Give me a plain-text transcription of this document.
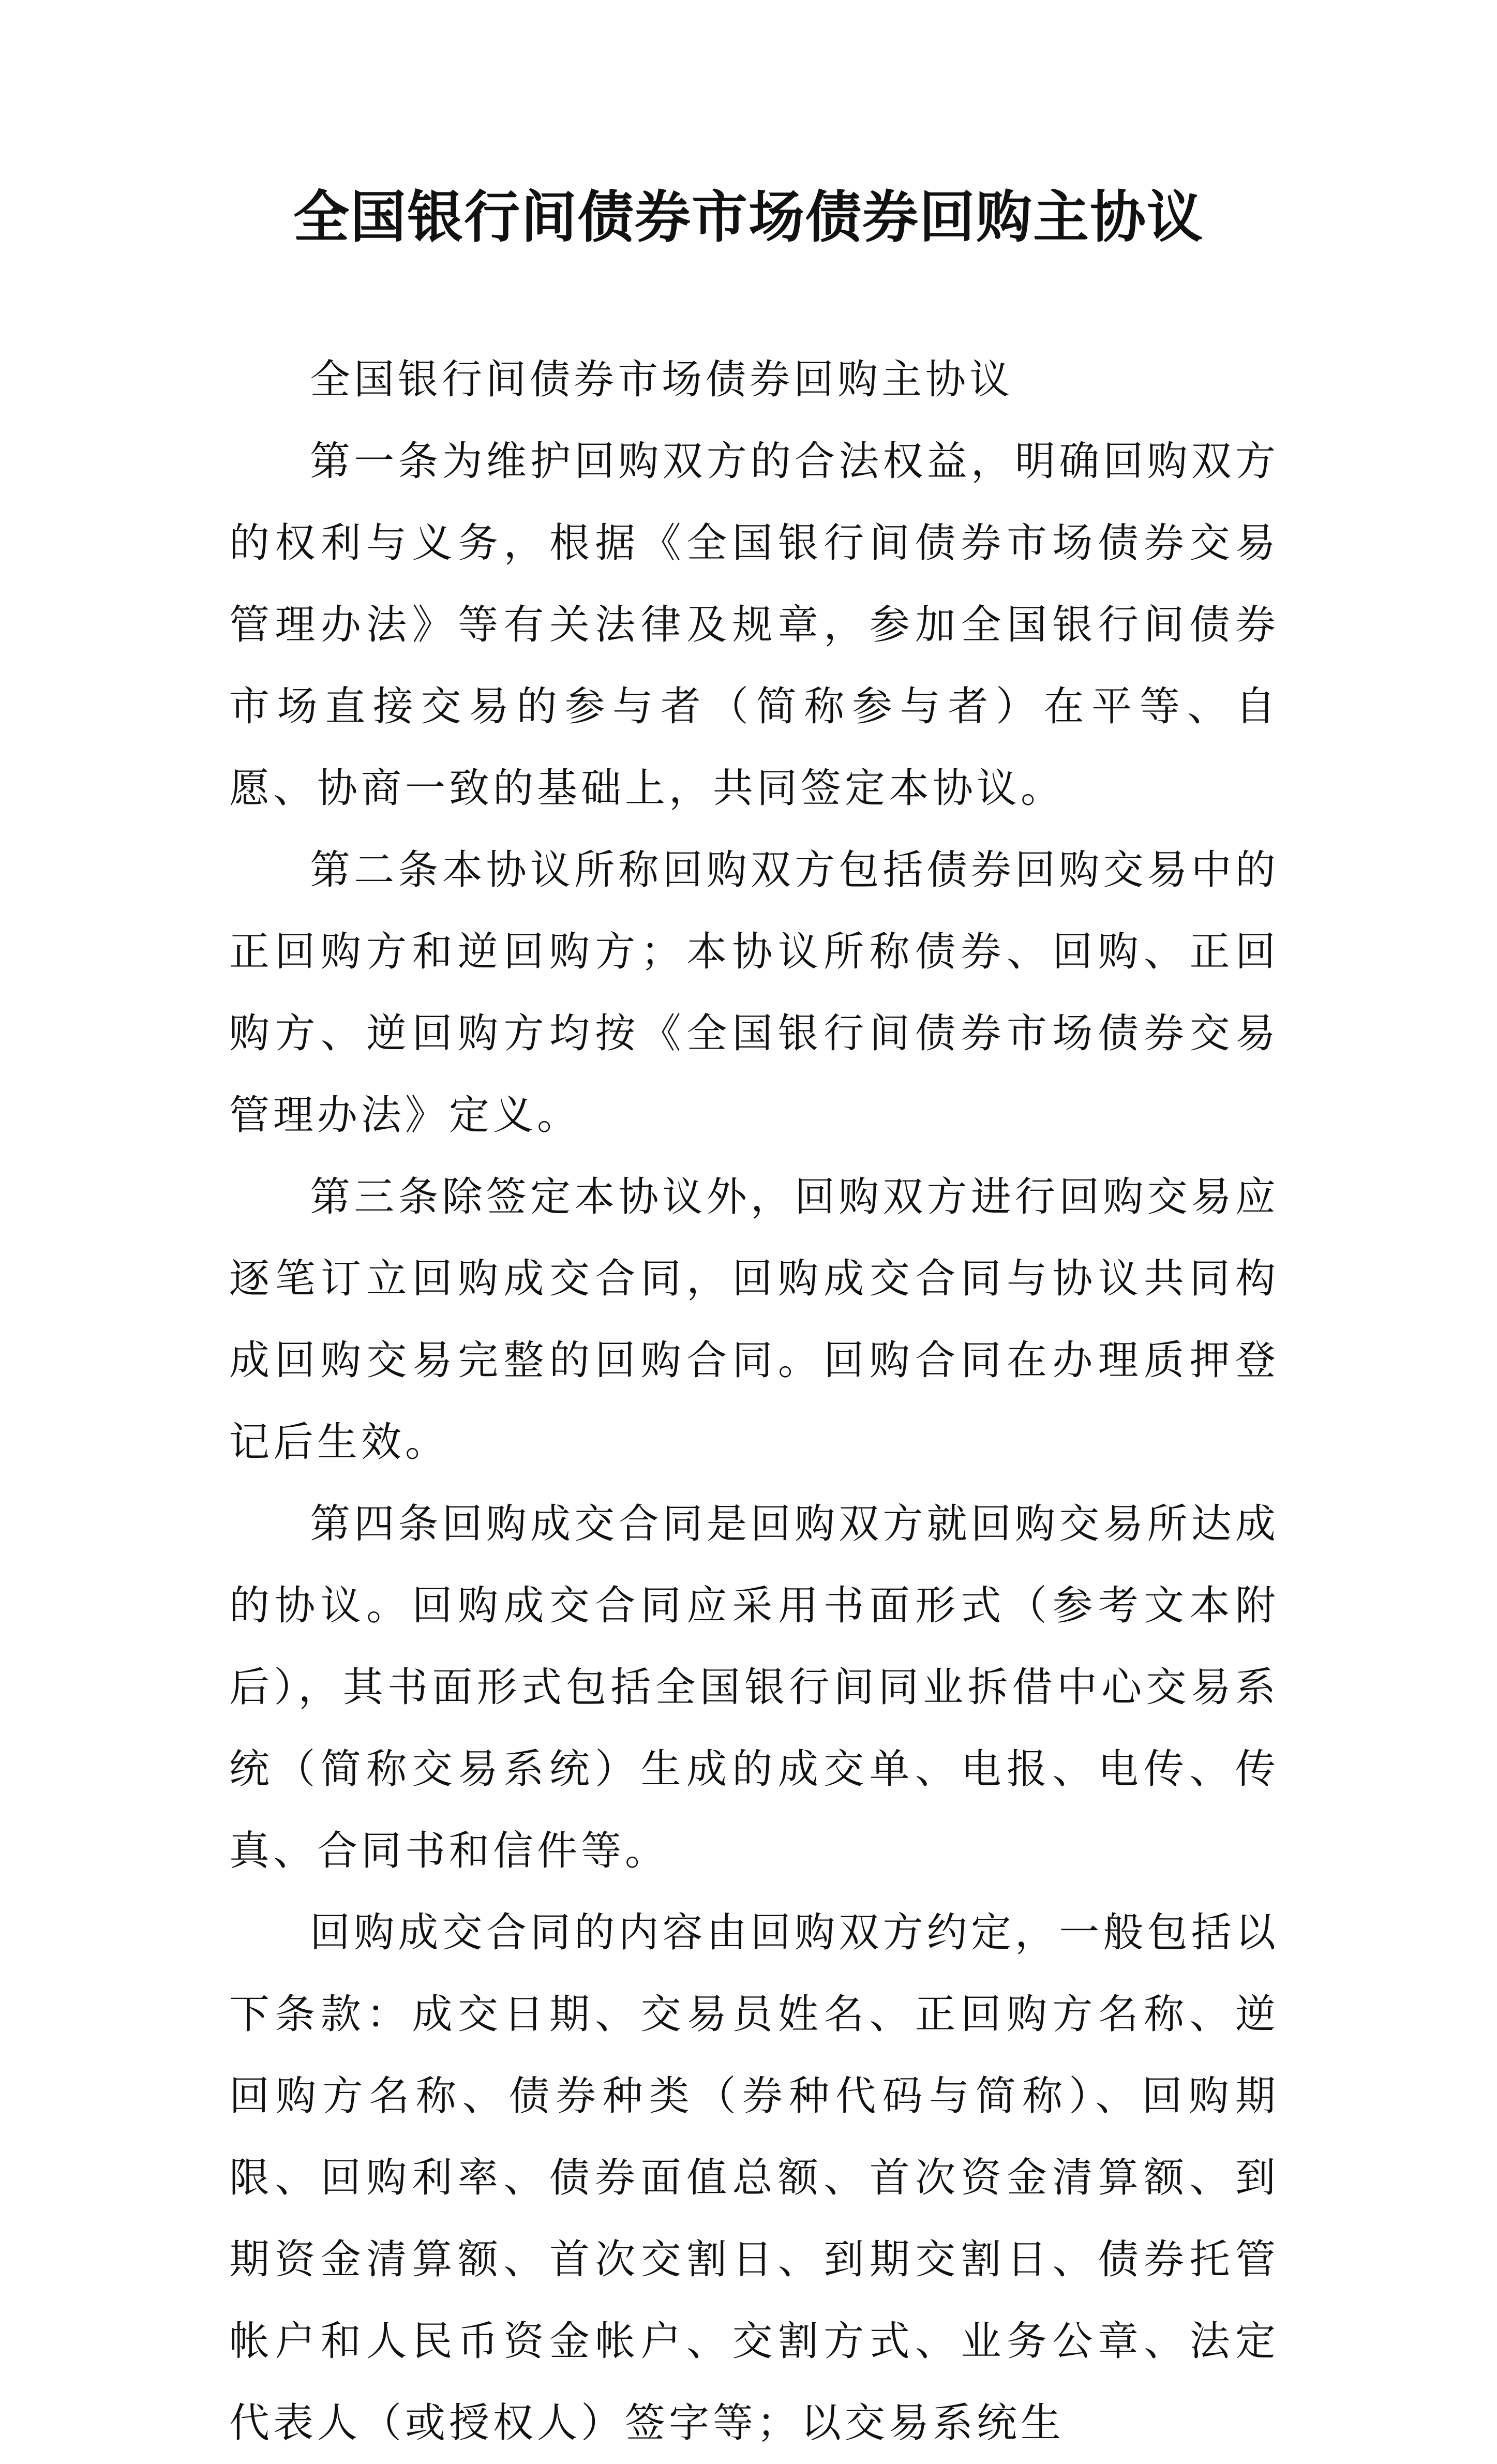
全国银行间债券市场债券回购主协议

全国银行间债券市场债券回购主协议

第一条为维护回购双方的合法权益，明确回购双方的权利与义务，根据《全国银行间债券市场债券交易管理办法》等有关法律及规章，参加全国银行间债券市场直接交易的参与者（简称参与者）在平等、自愿、协商一致的基础上，共同签定本协议。

第二条本协议所称回购双方包括债券回购交易中的正回购方和逆回购方；本协议所称债券、回购、正回购方、逆回购方均按《全国银行间债券市场债券交易管理办法》定义。

第三条除签定本协议外，回购双方进行回购交易应逐笔订立回购成交合同，回购成交合同与协议共同构成回购交易完整的回购合同。回购合同在办理质押登记后生效。

第四条回购成交合同是回购双方就回购交易所达成的协议。回购成交合同应采用书面形式（参考文本附后），其书面形式包括全国银行间同业拆借中心交易系统（简称交易系统）生成的成交单、电报、电传、传真、合同书和信件等。

回购成交合同的内容由回购双方约定，一般包括以下条款：成交日期、交易员姓名、正回购方名称、逆回购方名称、债券种类（券种代码与简称）、回购期限、回购利率、债券面值总额、首次资金清算额、到期资金清算额、首次交割日、到期交割日、债券托管帐户和人民币资金帐户、交割方式、业务公章、法定代表人（或授权人）签字等；以交易系统生
